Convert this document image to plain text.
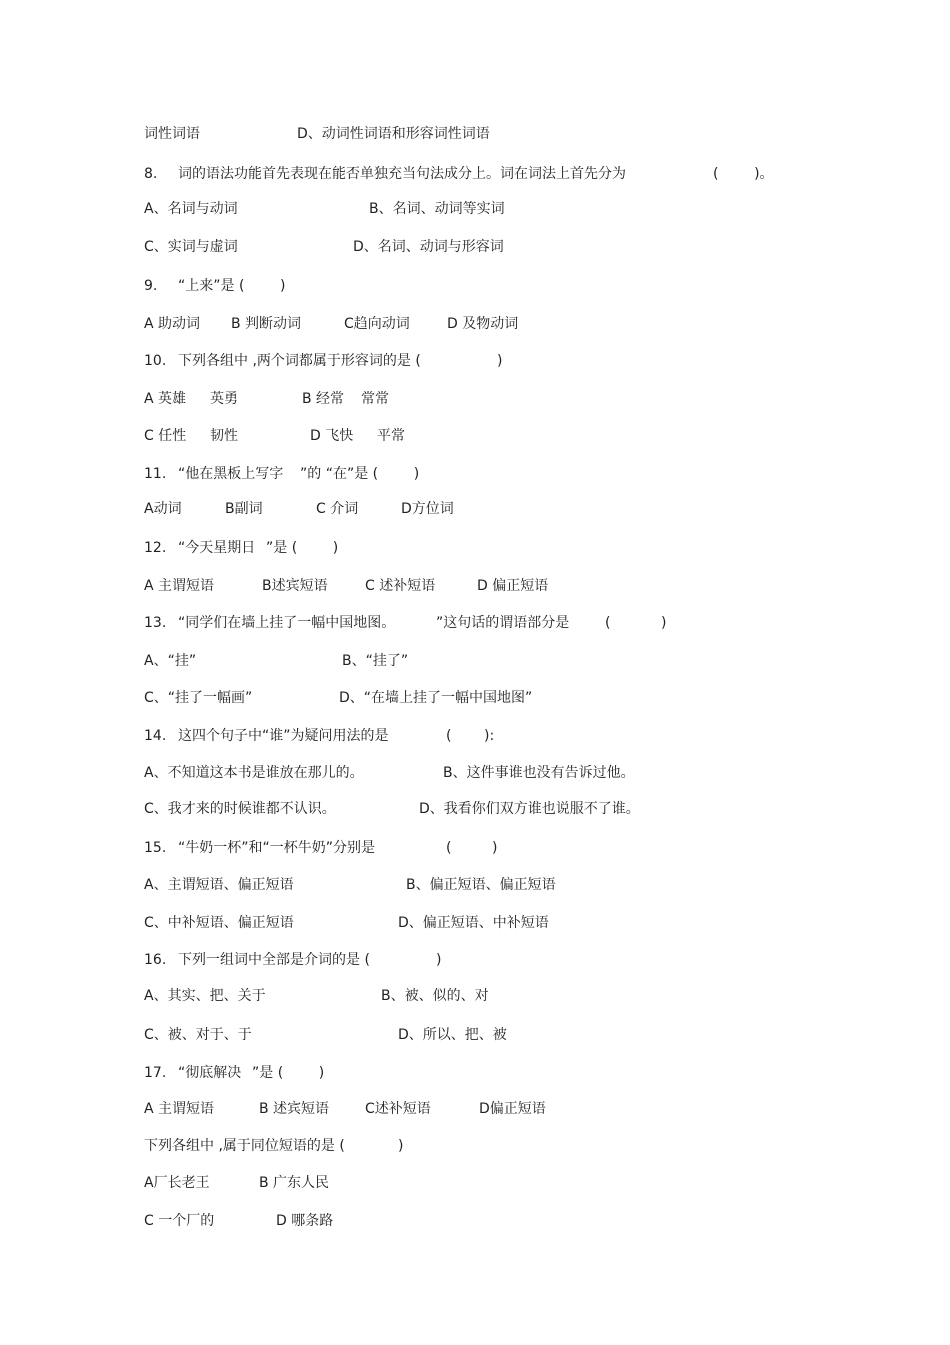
词性词语

	D、动词性词语和形容词性词语

8.

词的语法功能首先表现在能否单独充当句法成分上。词在词法上首先分为

	(        )。

A、名词与动词

	B、名词、动词等实词

C、实词与虚词

	D、名词、动词与形容词

9.

“上来”是 (        )

A 助动词

B 判断动词

	C趋向动词

	D 及物动词

10.

下列各组中 ,两个词都属于形容词的是 (

	)

A 英雄

英勇

	B 经常

常常

C 任性

韧性

	D 飞快

平常

11.

“他在黑板上写字

”的 “在”是 (        )

A动词

	B副词

	C 介词

	D方位词

12.

“今天星期日

”是 (        )

A 主谓短语

	B述宾短语

	C 述补短语

	D 偏正短语

13.

“同学们在墙上挂了一幅中国地图。

	”这句话的谓语部分是

	(

	)

A、“挂”

	B、“挂了”

C、“挂了一幅画”

	D、“在墙上挂了一幅中国地图”

14.

这四个句子中“谁”为疑问用法的是

	(

):

A、不知道这本书是谁放在那儿的。

	B、这件事谁也没有告诉过他。

C、我才来的时候谁都不认识。

	D、我看你们双方谁也说服不了谁。

15.

“牛奶一杯”和“一杯牛奶”分别是

	(

	)

A、主谓短语、偏正短语

	B、偏正短语、偏正短语

C、中补短语、偏正短语

	D、偏正短语、中补短语

16.

下列一组词中全部是介词的是 (

	)

A、其实、把、关于

	B、被、似的、对

C、被、对于、于

	D、所以、把、被

17.

“彻底解决

”是 (        )

A 主谓短语

	B 述宾短语

	C述补短语

	D偏正短语

下列各组中 ,属于同位短语的是 (

	)

A厂长老王

	B 广东人民

C 一个厂的

	D 哪条路
